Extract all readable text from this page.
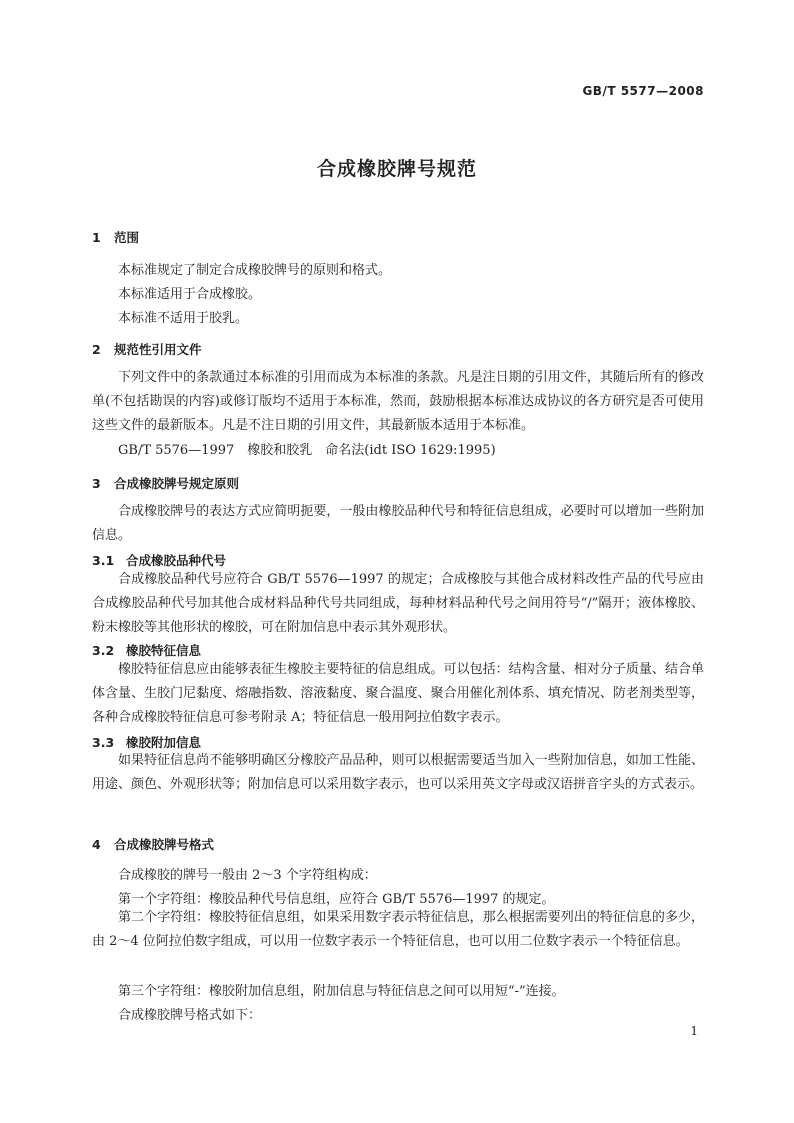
GB/T 5577—2008
合成橡胶牌号规范
1 范围
本标准规定了制定合成橡胶牌号的原则和格式。
本标准适用于合成橡胶。
本标准不适用于胶乳。
2 规范性引用文件

下列文件中的条款通过本标准的引用而成为本标准的条款。凡是注日期的引用文件，其随后所有的修改单(不包括勘误的内容)或修订版均不适用于本标准，然而，鼓励根据本标准达成协议的各方研究是否可使用这些文件的最新版本。凡是不注日期的引用文件，其最新版本适用于本标准。

GB/T 5576—1997　橡胶和胶乳　命名法(idt ISO 1629:1995)
3 合成橡胶牌号规定原则

合成橡胶牌号的表达方式应简明扼要，一般由橡胶品种代号和特征信息组成，必要时可以增加一些附加信息。

3.1 合成橡胶品种代号

合成橡胶品种代号应符合 GB/T 5576—1997 的规定；合成橡胶与其他合成材料改性产品的代号应由合成橡胶品种代号加其他合成材料品种代号共同组成，每种材料品种代号之间用符号“/”隔开；液体橡胶、粉末橡胶等其他形状的橡胶，可在附加信息中表示其外观形状。

3.2 橡胶特征信息

橡胶特征信息应由能够表征生橡胶主要特征的信息组成。可以包括：结构含量、相对分子质量、结合单体含量、生胶门尼黏度、熔融指数、溶液黏度、聚合温度、聚合用催化剂体系、填充情况、防老剂类型等，各种合成橡胶特征信息可参考附录 A；特征信息一般用阿拉伯数字表示。

3.3 橡胶附加信息

如果特征信息尚不能够明确区分橡胶产品品种，则可以根据需要适当加入一些附加信息，如加工性能、用途、颜色、外观形状等；附加信息可以采用数字表示，也可以采用英文字母或汉语拼音字头的方式表示。

4 合成橡胶牌号格式
合成橡胶的牌号一般由 2～3 个字符组构成：
第一个字符组：橡胶品种代号信息组，应符合 GB/T 5576—1997 的规定。

第二个字符组：橡胶特征信息组，如果采用数字表示特征信息，那么根据需要列出的特征信息的多少，由 2～4 位阿拉伯数字组成，可以用一位数字表示一个特征信息，也可以用二位数字表示一个特征信息。

第三个字符组：橡胶附加信息组，附加信息与特征信息之间可以用短“-”连接。
合成橡胶牌号格式如下：
1
